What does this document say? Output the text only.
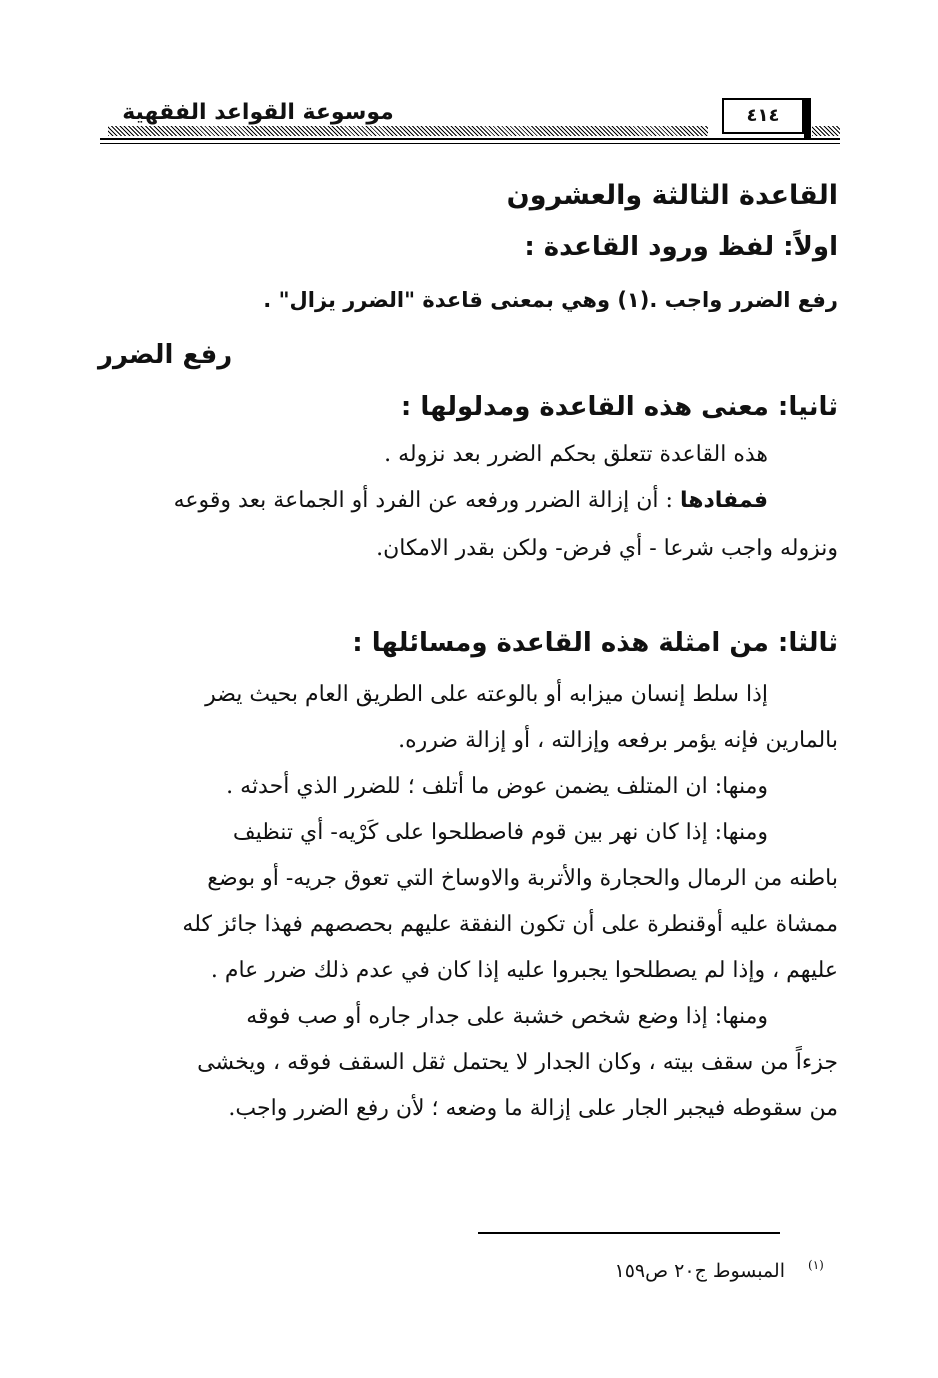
موسوعة القواعد الفقهية	٤١٤
القاعدة الثالثة والعشرون
اولاً: لفظ ورود القاعدة :
رفع الضرر واجب .(١) وهي بمعنى قاعدة "الضرر يزال" .
رفع الضرر
ثانيا: معنى هذه القاعدة ومدلولها :
هذه القاعدة تتعلق بحكم الضرر بعد نزوله .
فمفادها : أن إزالة الضرر ورفعه عن الفرد أو الجماعة بعد وقوعه
ونزوله واجب شرعا - أي فرض- ولكن بقدر الامكان.
ثالثا: من امثلة هذه القاعدة ومسائلها :
إذا سلط إنسان ميزابه أو بالوعته على الطريق العام بحيث يضر
بالمارين فإنه يؤمر برفعه وإزالته ، أو إزالة ضرره.
ومنها: ان المتلف يضمن عوض ما أتلف ؛ للضرر الذي أحدثه .
ومنها: إذا كان نهر بين قوم فاصطلحوا على كَرْيه- أي تنظيف
باطنه من الرمال والحجارة والأتربة والاوساخ التي تعوق جريه- أو بوضع
ممشاة عليه أوقنطرة على أن تكون النفقة عليهم بحصصهم فهذا جائز كله
عليهم ، وإذا لم يصطلحوا يجبروا عليه إذا كان في عدم ذلك ضرر عام .
ومنها: إذا وضع شخص خشبة على جدار جاره أو صب فوقه
جزءاً من سقف بيته ، وكان الجدار لا يحتمل ثقل السقف فوقه ، ويخشى
من سقوطه فيجبر الجار على إزالة ما وضعه ؛ لأن رفع الضرر واجب.
(١)
المبسوط ج٢٠ ص١٥٩
